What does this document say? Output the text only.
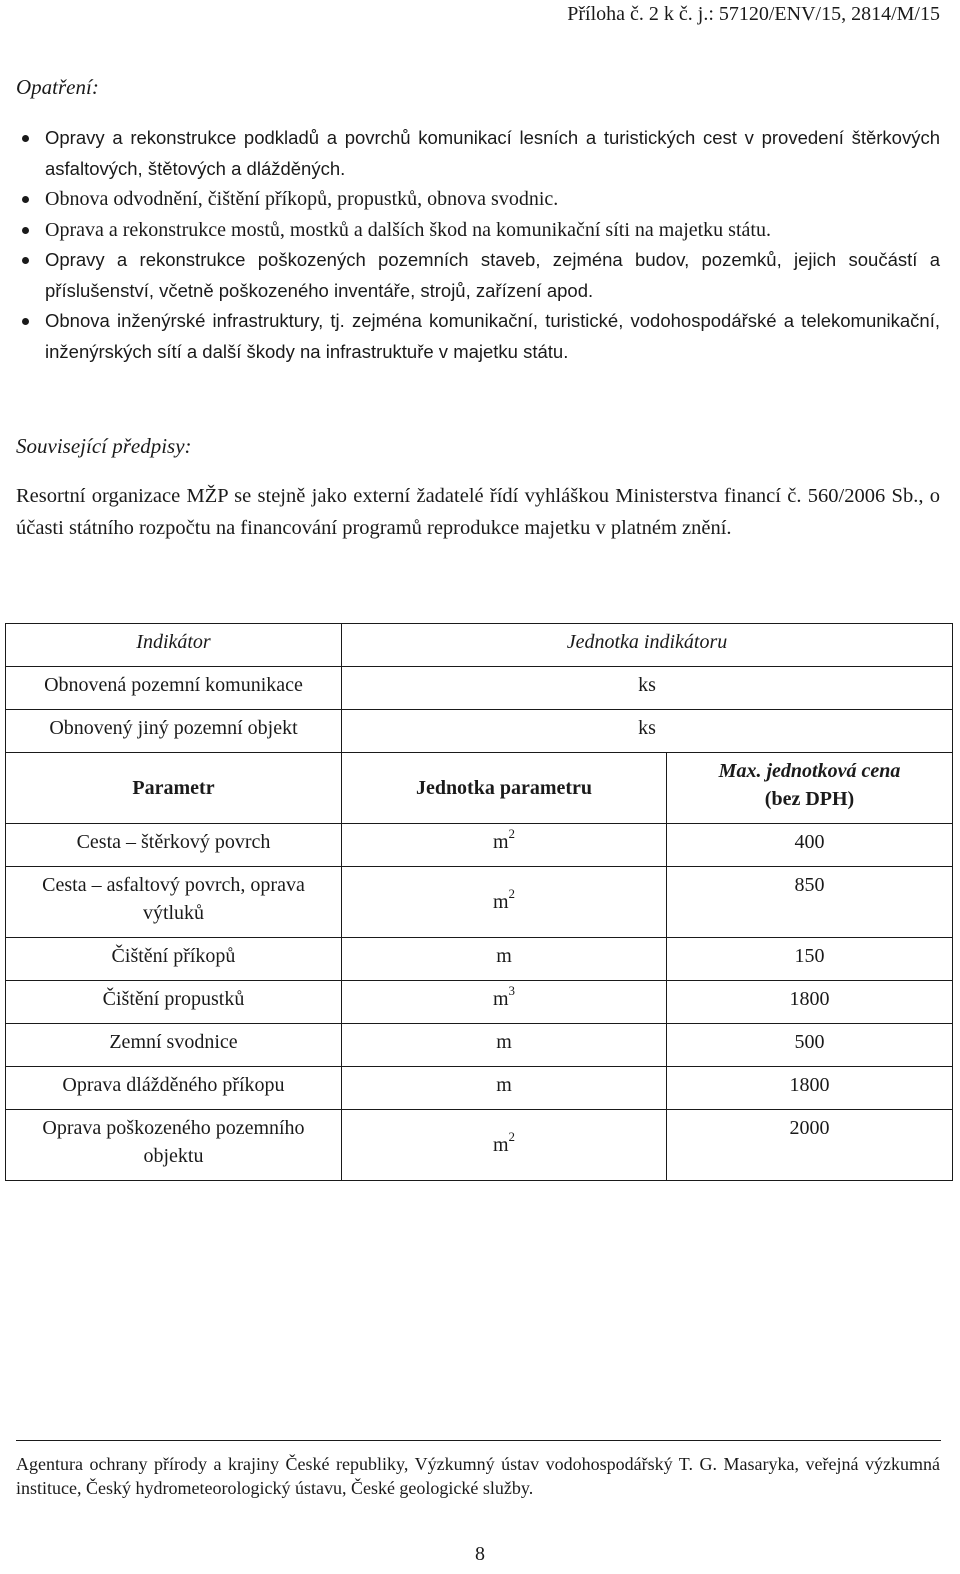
Příloha č. 2 k č. j.: 57120/ENV/15, 2814/M/15
Opatření:
Opravy a rekonstrukce podkladů a povrchů komunikací lesních a turistických cest v provedení štěrkových asfaltových, štětových a dlážděných.
Obnova odvodnění, čištění příkopů, propustků, obnova svodnic.
Oprava a rekonstrukce mostů, mostků a dalších škod na komunikační síti na majetku státu.
Opravy a rekonstrukce poškozených pozemních staveb, zejména budov, pozemků, jejich součástí a příslušenství, včetně poškozeného inventáře, strojů, zařízení apod.
Obnova inženýrské infrastruktury, tj. zejména komunikační, turistické, vodohospodářské a telekomunikační, inženýrských sítí a další škody na infrastruktuře v majetku státu.
Související předpisy:
Resortní organizace MŽP se stejně jako externí žadatelé řídí vyhláškou Ministerstva financí č. 560/2006 Sb., o účasti státního rozpočtu na financování programů reprodukce majetku v platném znění.
Indikátor	Jednotka indikátoru	
Obnovená pozemní komunikace	ks	
Obnovený jiný pozemní objekt	ks	
Parametr	Jednotka parametru	Max. jednotková cena
(bez DPH)
Cesta – štěrkový povrch	$m^2$	400
Cesta – asfaltový povrch, oprava výtluků	$m^2$	850
Čištění příkopů	m	150
Čištění propustků	$m^3$	1800
Zemní svodnice	m	500
Oprava dlážděného příkopu	m	1800
Oprava poškozeného pozemního objektu	$m^2$	2000
Agentura ochrany přírody a krajiny České republiky, Výzkumný ústav vodohospodářský T. G. Masaryka, veřejná výzkumná instituce, Český hydrometeorologický ústavu, České geologické služby.
8
